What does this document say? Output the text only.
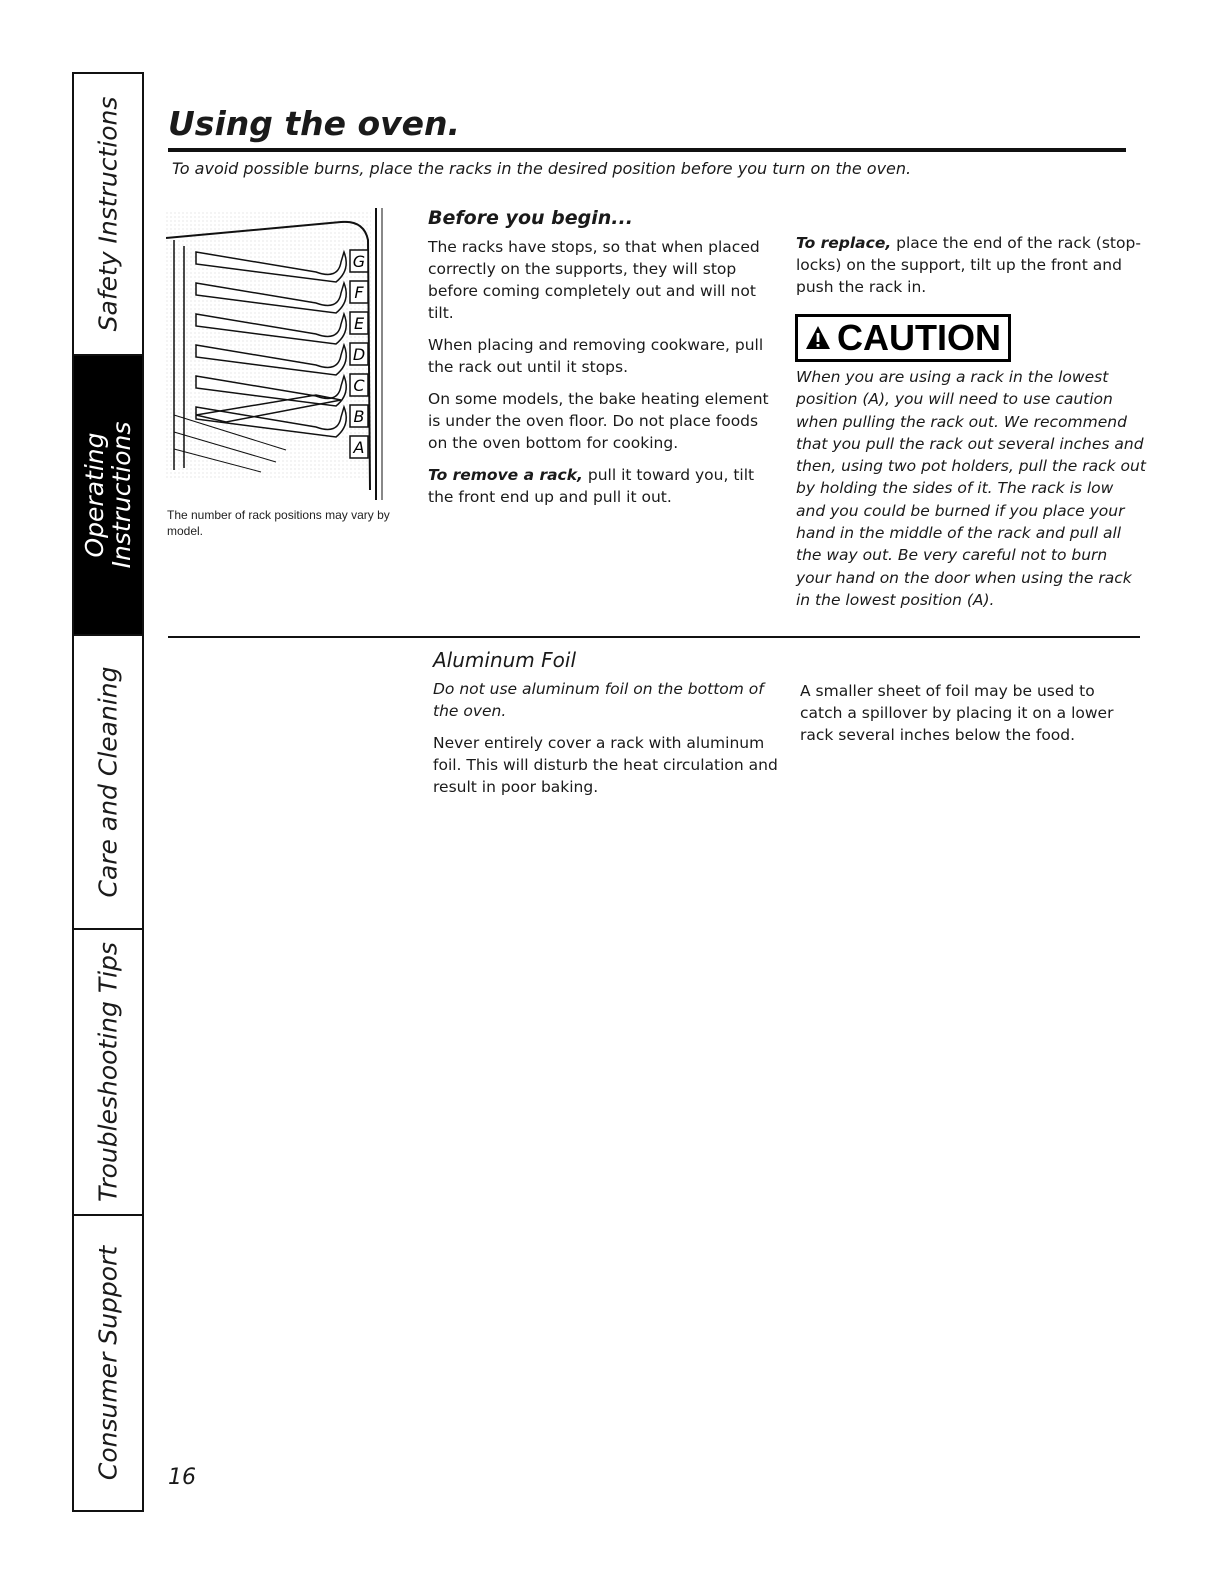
Safety Instructions
Operating Instructions
Care and Cleaning
Troubleshooting Tips
Consumer Support
Using the oven.
To avoid possible burns, place the racks in the desired position before you turn on the oven.
G
F
E
D
C
B
A
The number of rack positions may vary by model.
Before you begin...

The racks have stops, so that when placed correctly on the supports, they will stop before coming completely out and will not tilt.

When placing and removing cookware, pull the rack out until it stops.

On some models, the bake heating element is under the oven floor. Do not place foods on the oven bottom for cooking.

To remove a rack, pull it toward you, tilt the front end up and pull it out.

To replace, place the end of the rack (stop-locks) on the support, tilt up the front and push the rack in.

CAUTION
When you are using a rack in the lowest position (A), you will need to use caution when pulling the rack out. We recommend that you pull the rack out several inches and then, using two pot holders, pull the rack out by holding the sides of it. The rack is low and you could be burned if you place your hand in the middle of the rack and pull all the way out. Be very careful not to burn your hand on the door when using the rack in the lowest position (A).
Aluminum Foil

Do not use aluminum foil on the bottom of the oven.

Never entirely cover a rack with aluminum foil. This will disturb the heat circulation and result in poor baking.

A smaller sheet of foil may be used to catch a spillover by placing it on a lower rack several inches below the food.

16
